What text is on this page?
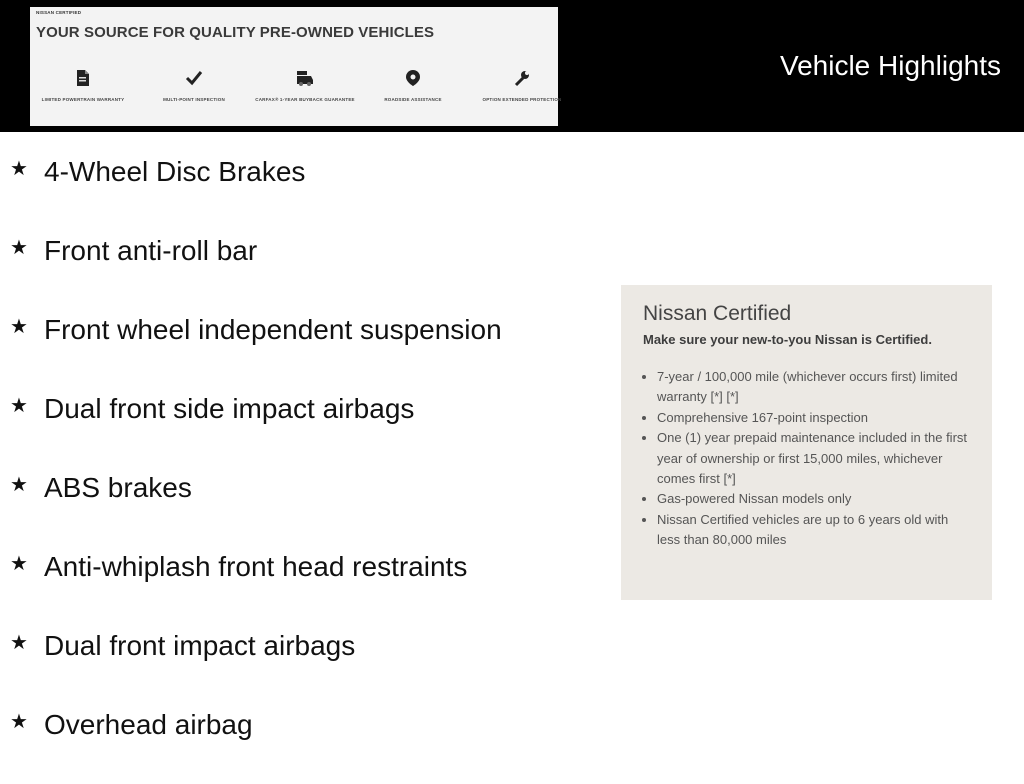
NISSAN CERTIFIED
YOUR SOURCE FOR QUALITY PRE-OWNED VEHICLES
LIMITED POWERTRAIN WARRANTY	MULTI-POINT INSPECTION	CARFAX® 1-YEAR BUYBACK GUARANTEE	ROADSIDE ASSISTANCE	OPTION EXTENDED PROTECTION
Vehicle Highlights
★ 4-Wheel Disc Brakes
★ Front anti-roll bar
★ Front wheel independent suspension
★ Dual front side impact airbags
★ ABS brakes
★ Anti-whiplash front head restraints
★ Dual front impact airbags
★ Overhead airbag
Nissan Certified
Make sure your new-to-you Nissan is Certified.
• 7-year / 100,000 mile (whichever occurs first) limited warranty [*] [*]
• Comprehensive 167-point inspection
• One (1) year prepaid maintenance included in the first year of ownership or first 15,000 miles, whichever comes first [*]
• Gas-powered Nissan models only
• Nissan Certified vehicles are up to 6 years old with less than 80,000 miles
